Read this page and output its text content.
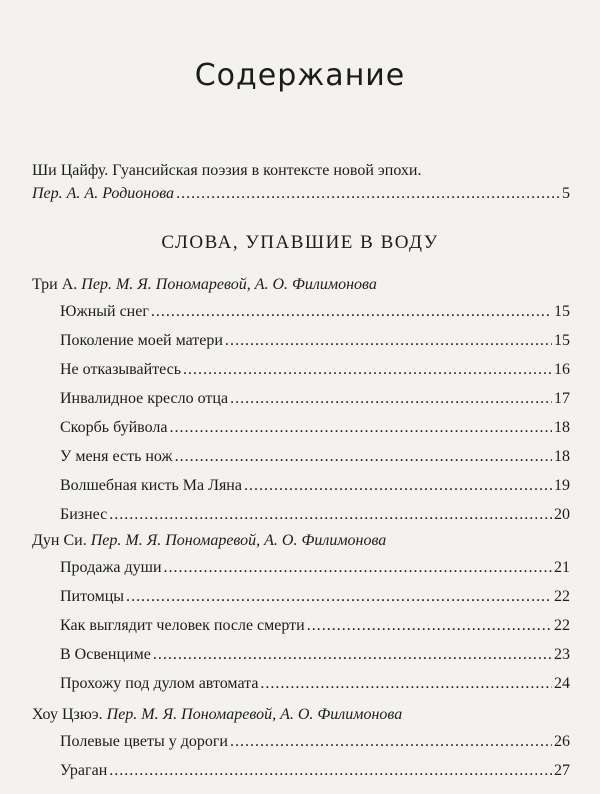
Содержание
Ши Цайфу. Гуансийская поэзия в контексте новой эпохи.
Пер. А. А. Родионова . . .	5
СЛОВА, УПАВШИЕ В ВОДУ
Три А. Пер. М. Я. Пономаревой, А. О. Филимонова
Южный снег . . .	15
Поколение моей матери . . .	15
Не отказывайтесь . . .	16
Инвалидное кресло отца . . .	17
Скорбь буйвола . . .	18
У меня есть нож . . .	18
Волшебная кисть Ма Ляна . . .	19
Бизнес . . .	20
Дун Си. Пер. М. Я. Пономаревой, А. О. Филимонова
Продажа души . . .	21
Питомцы . . .	22
Как выглядит человек после смерти . . .	22
В Освенциме . . .	23
Прохожу под дулом автомата . . .	24
Хоу Цзюэ. Пер. М. Я. Пономаревой, А. О. Филимонова
Полевые цветы у дороги . . .	26
Ураган . . .	27
